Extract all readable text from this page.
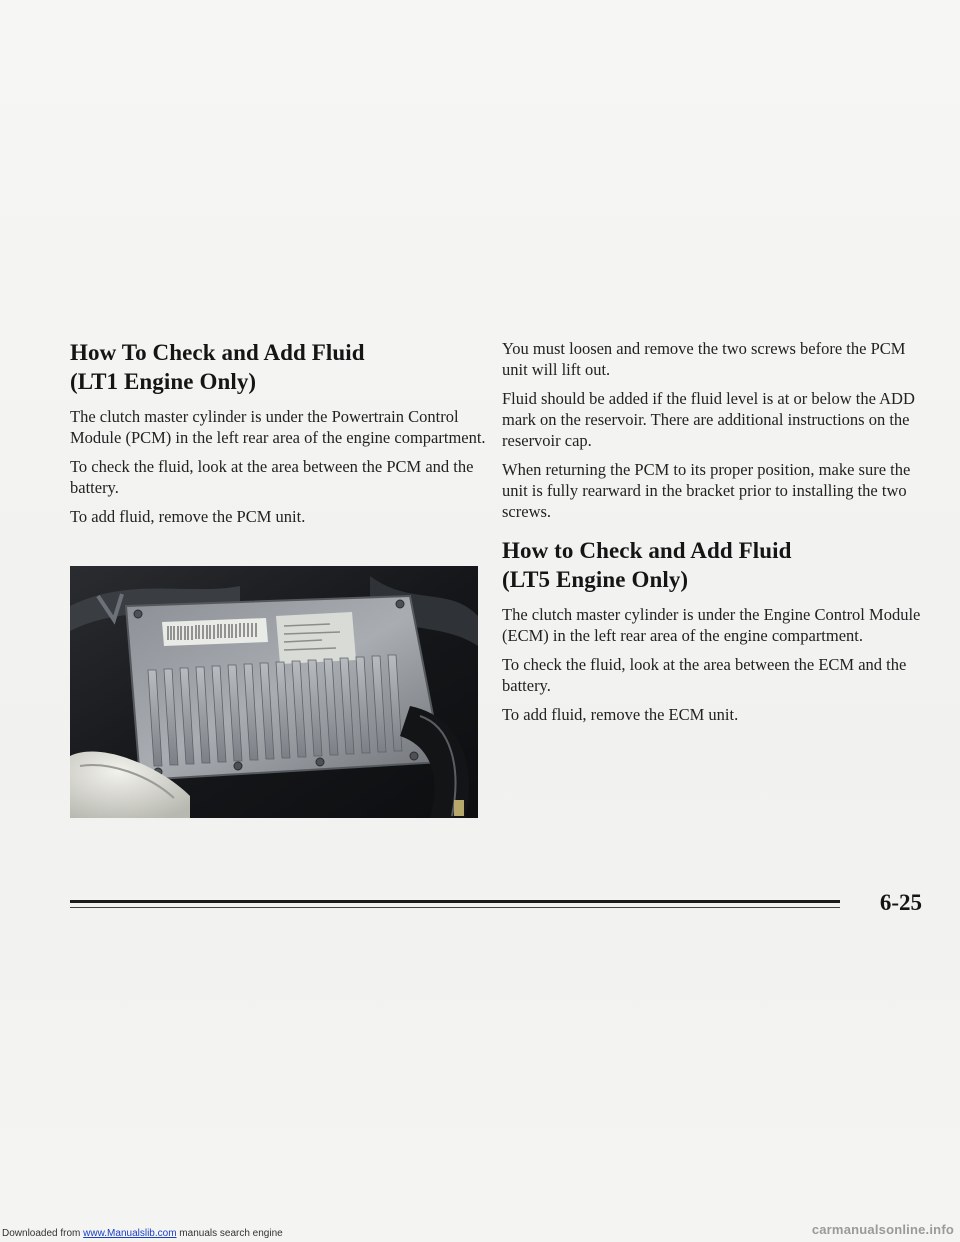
How To Check and Add Fluid
(LT1 Engine Only)

The clutch master cylinder is under the Powertrain Control Module (PCM) in the left rear area of the engine compartment.

To check the fluid, look at the area between the PCM and the battery.

To add fluid, remove the PCM unit.

You must loosen and remove the two screws before the PCM unit will lift out.

Fluid should be added if the fluid level is at or below the ADD mark on the reservoir. There are additional instructions on the reservoir cap.

When returning the PCM to its proper position, make sure the unit is fully rearward in the bracket prior to installing the two screws.

How to Check and Add Fluid
(LT5 Engine Only)

The clutch master cylinder is under the Engine Control Module (ECM) in the left rear area of the engine compartment.

To check the fluid, look at the area between the ECM and the battery.

To add fluid, remove the ECM unit.

6-25
Downloaded from www.Manualslib.com manuals search engine	carmanualsonline.info
